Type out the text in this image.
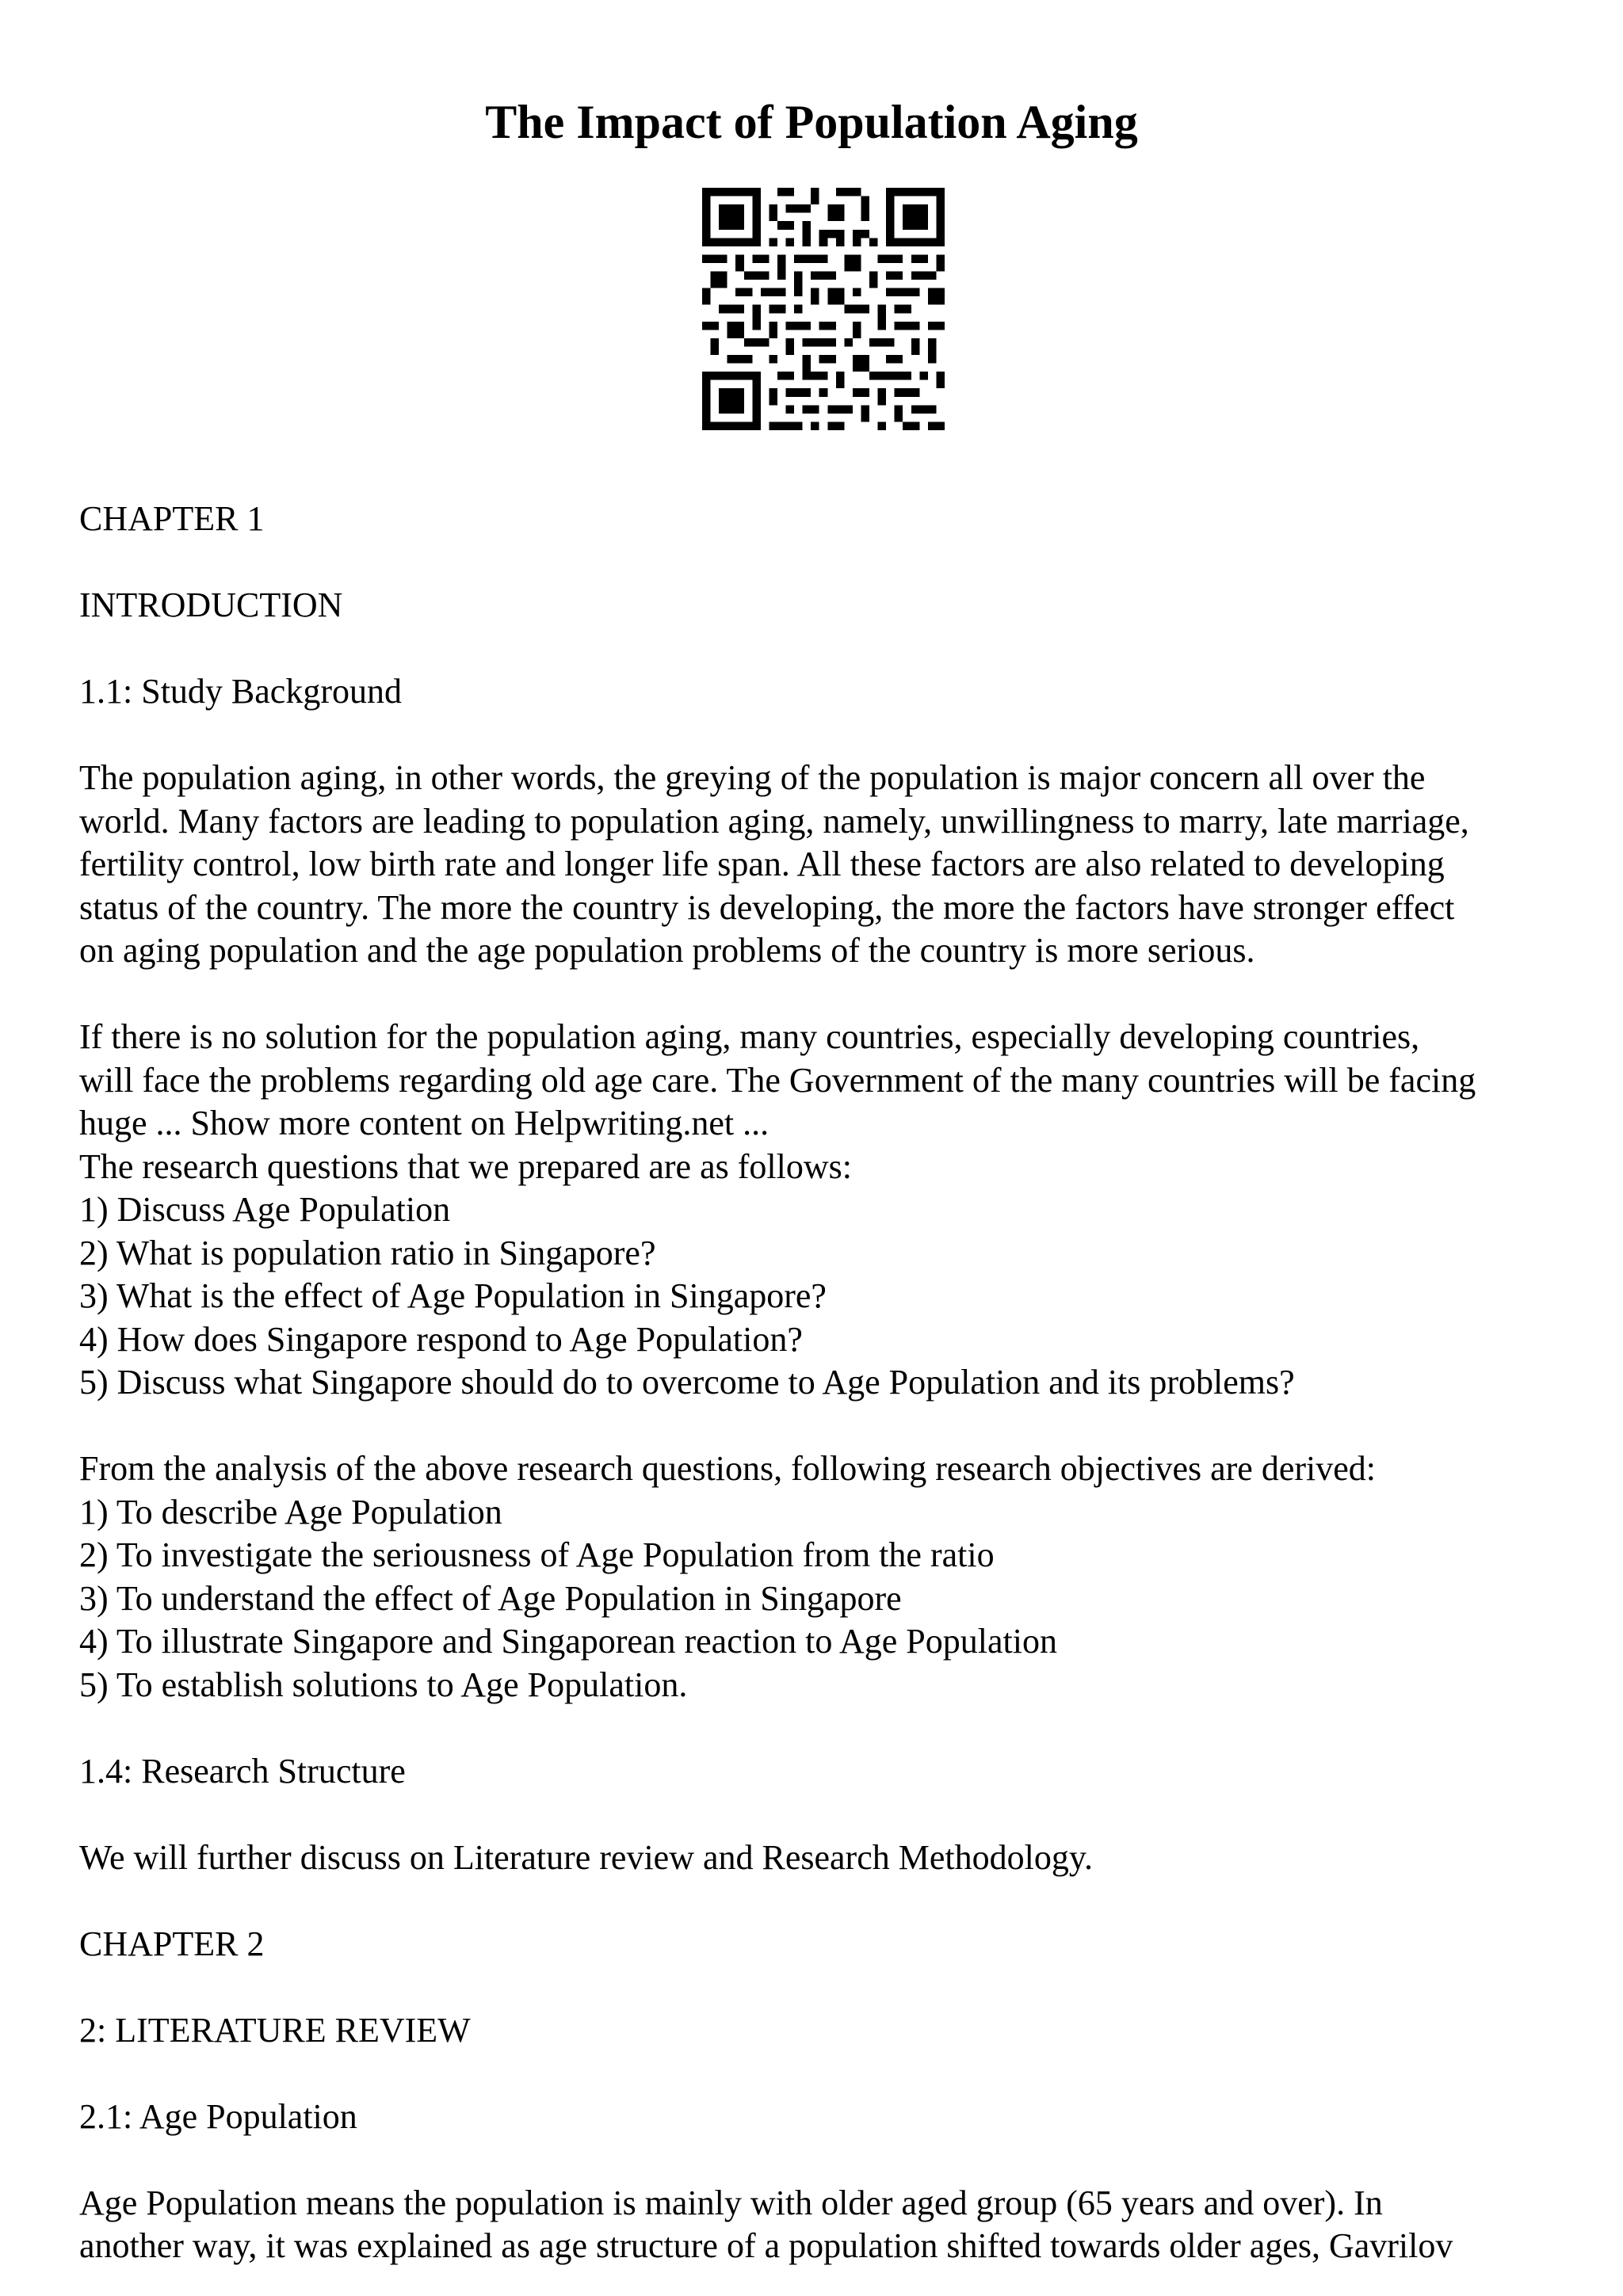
The Impact of Population Aging

CHAPTER 1

INTRODUCTION

1.1: Study Background

The population aging, in other words, the greying of the population is major concern all over the
world. Many factors are leading to population aging, namely, unwillingness to marry, late marriage,
fertility control, low birth rate and longer life span. All these factors are also related to developing
status of the country. The more the country is developing, the more the factors have stronger effect
on aging population and the age population problems of the country is more serious.

If there is no solution for the population aging, many countries, especially developing countries,
will face the problems regarding old age care. The Government of the many countries will be facing
huge ... Show more content on Helpwriting.net ...
The research questions that we prepared are as follows:
1) Discuss Age Population
2) What is population ratio in Singapore?
3) What is the effect of Age Population in Singapore?
4) How does Singapore respond to Age Population?
5) Discuss what Singapore should do to overcome to Age Population and its problems?

From the analysis of the above research questions, following research objectives are derived:
1) To describe Age Population
2) To investigate the seriousness of Age Population from the ratio
3) To understand the effect of Age Population in Singapore
4) To illustrate Singapore and Singaporean reaction to Age Population
5) To establish solutions to Age Population.

1.4: Research Structure

We will further discuss on Literature review and Research Methodology.

CHAPTER 2

2: LITERATURE REVIEW

2.1: Age Population

Age Population means the population is mainly with older aged group (65 years and over). In
another way, it was explained as age structure of a population shifted towards older ages, Gavrilov
